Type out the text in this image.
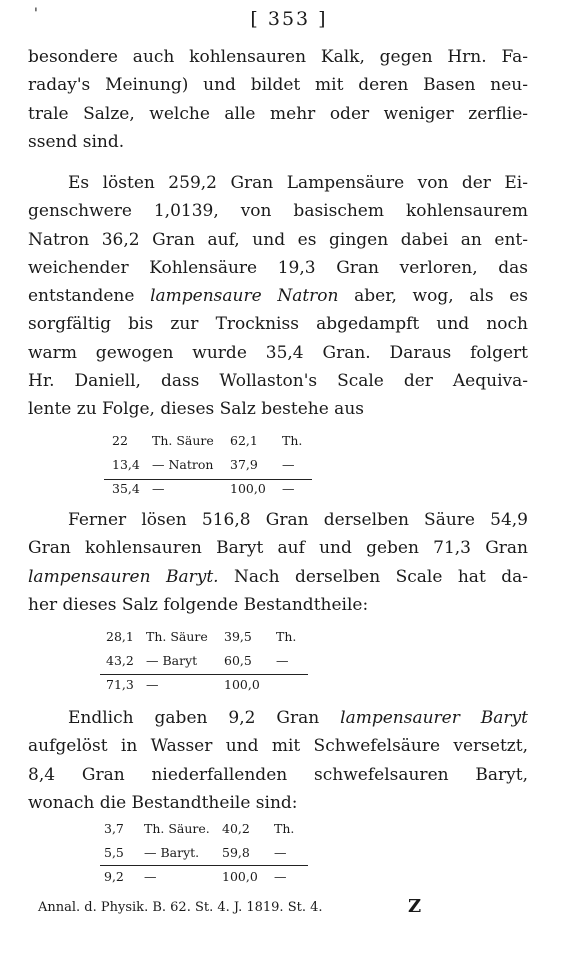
'	[ 353 ]
besondere auch kohlensauren Kalk, gegen Hrn. Fa-
raday's Meinung) und bildet mit deren Basen neu-
trale Salze, welche alle mehr oder weniger zerflie-
ssend sind.
Es lösten 259,2 Gran Lampensäure von der Ei-
genschwere 1,0139, von basischem kohlensaurem
Natron 36,2 Gran auf, und es gingen dabei an ent-
weichender Kohlensäure 19,3 Gran verloren, das
entstandene lampensaure Natron aber, wog, als es
sorgfältig bis zur Trockniss abgedampft und noch
warm gewogen wurde 35,4 Gran. Daraus folgert
Hr. Daniell, dass Wollaston's Scale der Aequiva-
lente zu Folge, dieses Salz bestehe aus
22	Th. Säure	62,1	Th.
13,4 — Natron	37,9	—
35,4 —	100,0	—
Ferner lösen 516,8 Gran derselben Säure 54,9
Gran kohlensauren Baryt auf und geben 71,3 Gran
lampensauren Baryt. Nach derselben Scale hat da-
her dieses Salz folgende Bestandtheile:
28,1 Th. Säure	39,5	Th.
43,2 — Baryt	60,5	—
71,3 —	100,0
Endlich gaben 9,2 Gran lampensaurer Baryt
aufgelöst in Wasser und mit Schwefelsäure versetzt,
8,4 Gran niederfallenden schwefelsauren Baryt,
wonach die Bestandtheile sind:
3,7	Th. Säure. 40,2	Th.
5,5	— Baryt.	59,8	—
9,2	—	100,0	—
Annal. d. Physik. B. 62. St. 4. J. 1819. St. 4.	Z
